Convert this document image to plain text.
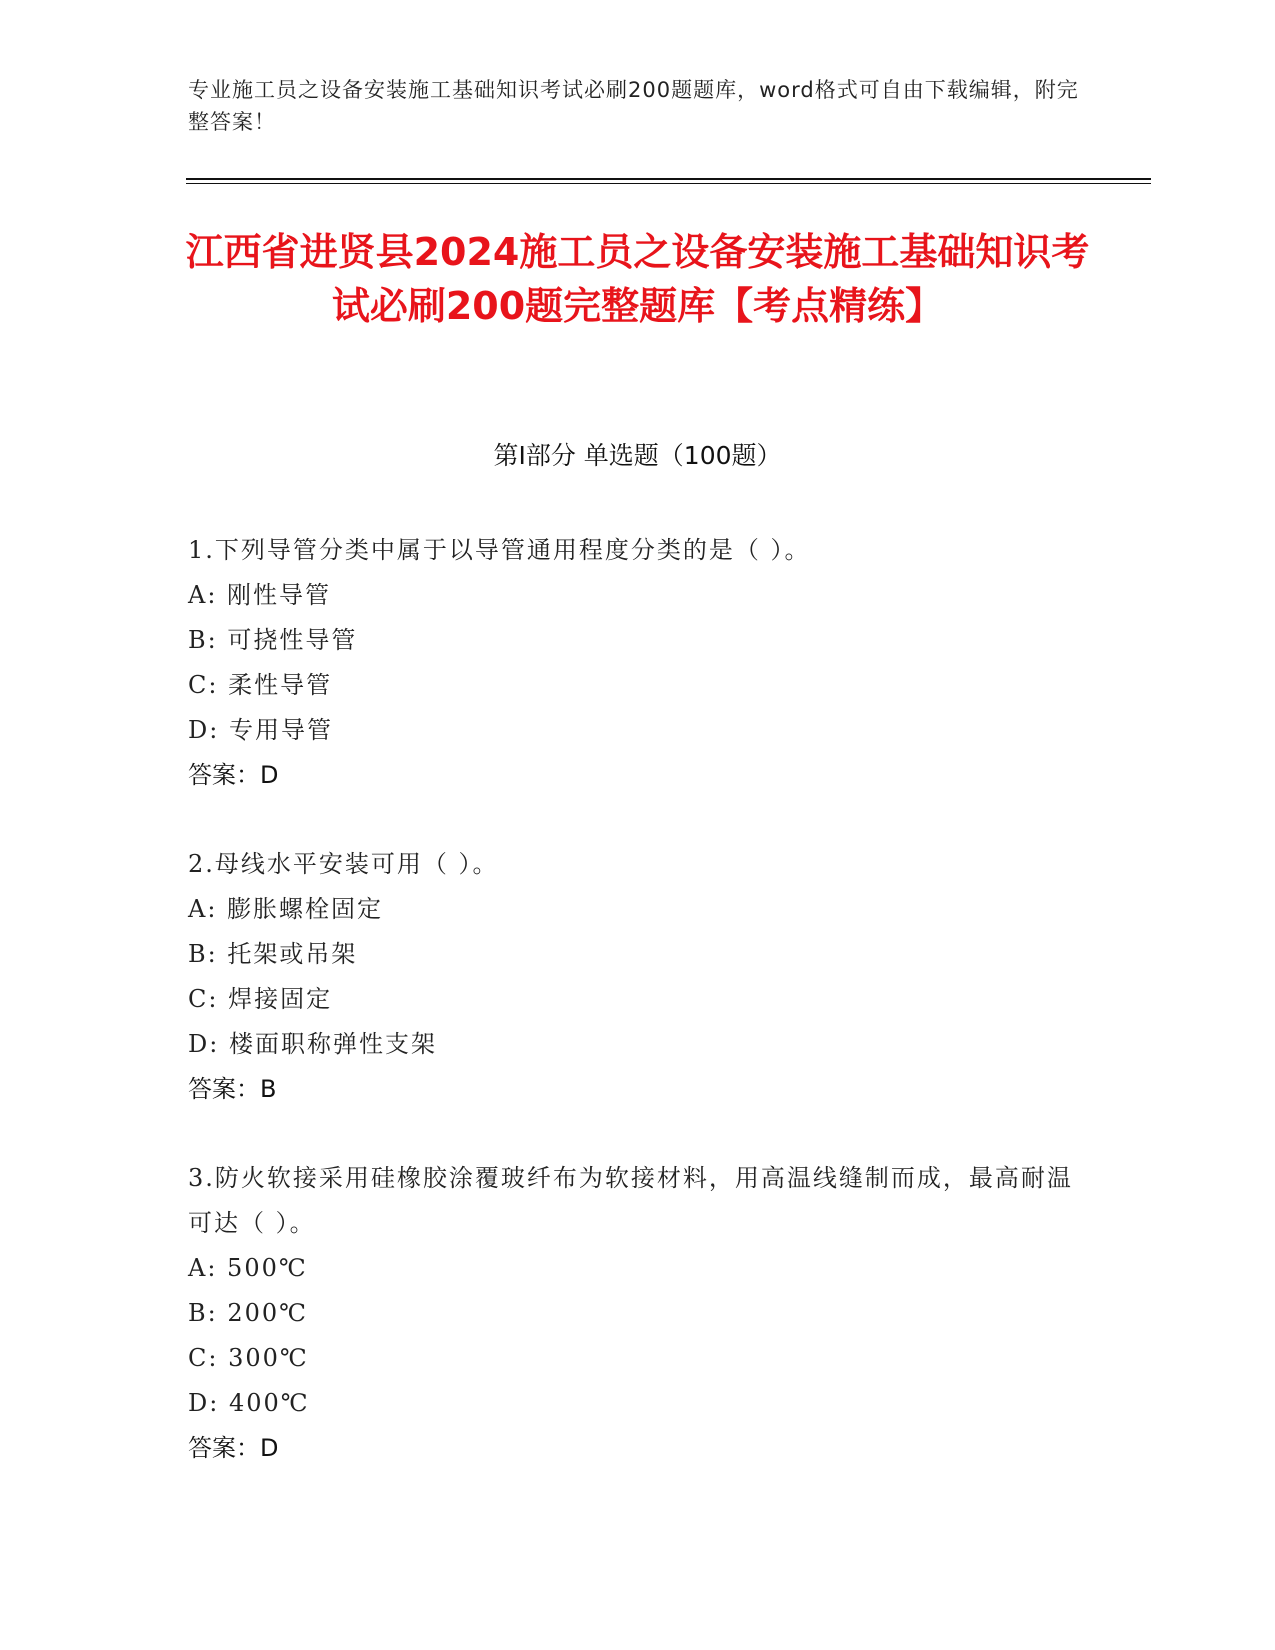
专业施工员之设备安装施工基础知识考试必刷200题题库，word格式可自由下载编辑，附完整答案！
江西省进贤县2024施工员之设备安装施工基础知识考试必刷200题完整题库【考点精练】
第I部分 单选题（100题）
1.下列导管分类中属于以导管通用程度分类的是（ ）。
A: 刚性导管
B: 可挠性导管
C: 柔性导管
D: 专用导管
答案：D
2.母线水平安装可用（ ）。
A: 膨胀螺栓固定
B: 托架或吊架
C: 焊接固定
D: 楼面职称弹性支架
答案：B
3.防火软接采用硅橡胶涂覆玻纤布为软接材料，用高温线缝制而成，最高耐温可达（ ）。
A: 500℃
B: 200℃
C: 300℃
D: 400℃
答案：D
